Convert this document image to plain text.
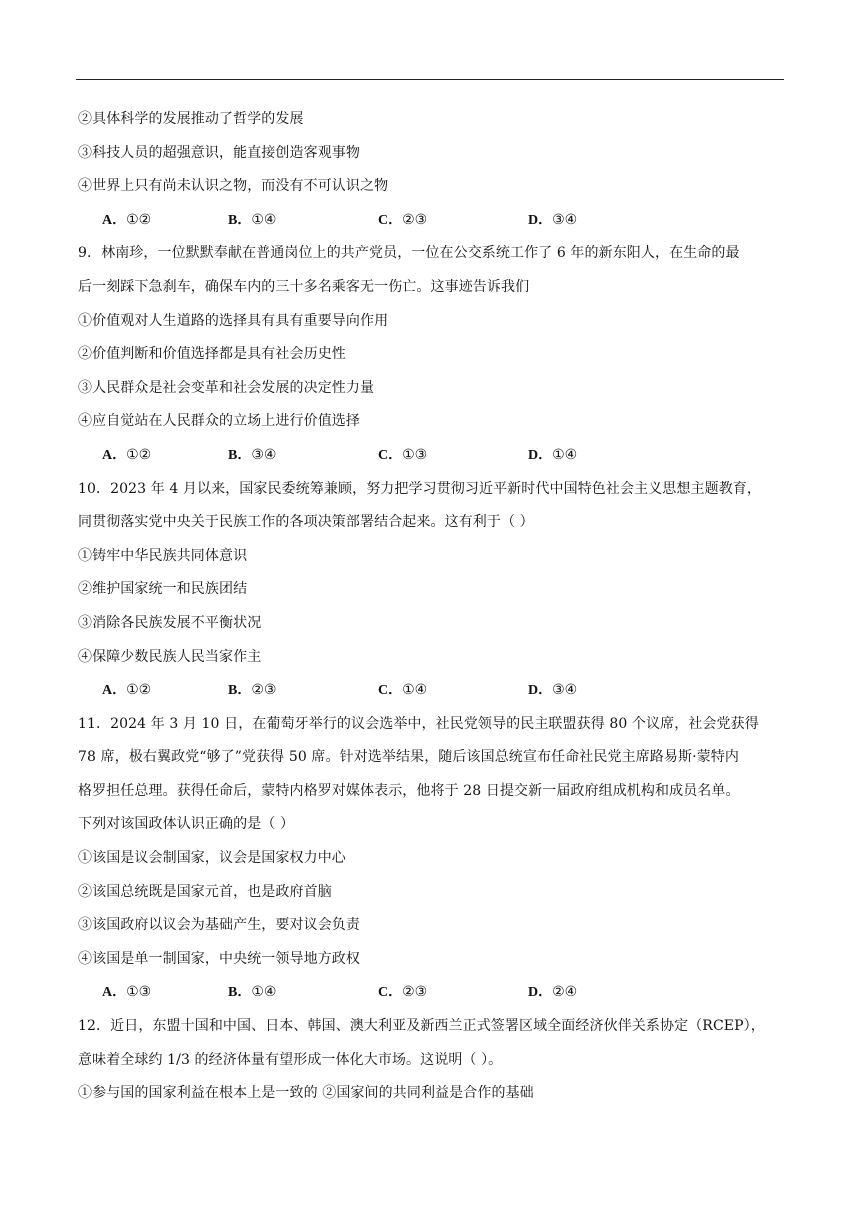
②具体科学的发展推动了哲学的发展
③科技人员的超强意识，能直接创造客观事物
④世界上只有尚未认识之物，而没有不可认识之物
A．①②	B．①④	C．②③	D．③④
9．林南珍，一位默默奉献在普通岗位上的共产党员，一位在公交系统工作了 6 年的新东阳人，在生命的最
后一刻踩下急刹车，确保车内的三十多名乘客无一伤亡。这事迹告诉我们
①价值观对人生道路的选择具有具有重要导向作用
②价值判断和价值选择都是具有社会历史性
③人民群众是社会变革和社会发展的决定性力量
④应自觉站在人民群众的立场上进行价值选择
A．①②	B．③④	C．①③	D．①④
10．2023 年 4 月以来，国家民委统筹兼顾，努力把学习贯彻习近平新时代中国特色社会主义思想主题教育，
同贯彻落实党中央关于民族工作的各项决策部署结合起来。这有利于（ ）
①铸牢中华民族共同体意识
②维护国家统一和民族团结
③消除各民族发展不平衡状况
④保障少数民族人民当家作主
A．①②	B．②③	C．①④	D．③④
11．2024 年 3 月 10 日，在葡萄牙举行的议会选举中，社民党领导的民主联盟获得 80 个议席，社会党获得
78 席，极右翼政党“够了”党获得 50 席。针对选举结果，随后该国总统宣布任命社民党主席路易斯·蒙特内
格罗担任总理。获得任命后，蒙特内格罗对媒体表示，他将于 28 日提交新一届政府组成机构和成员名单。
下列对该国政体认识正确的是（ ）
①该国是议会制国家，议会是国家权力中心
②该国总统既是国家元首，也是政府首脑
③该国政府以议会为基础产生，要对议会负责
④该国是单一制国家，中央统一领导地方政权
A．①③	B．①④	C．②③	D．②④
12．近日，东盟十国和中国、日本、韩国、澳大利亚及新西兰正式签署区域全面经济伙伴关系协定（RCEP），
意味着全球约 1/3 的经济体量有望形成一体化大市场。这说明（ ）。
①参与国的国家利益在根本上是一致的 ②国家间的共同利益是合作的基础
